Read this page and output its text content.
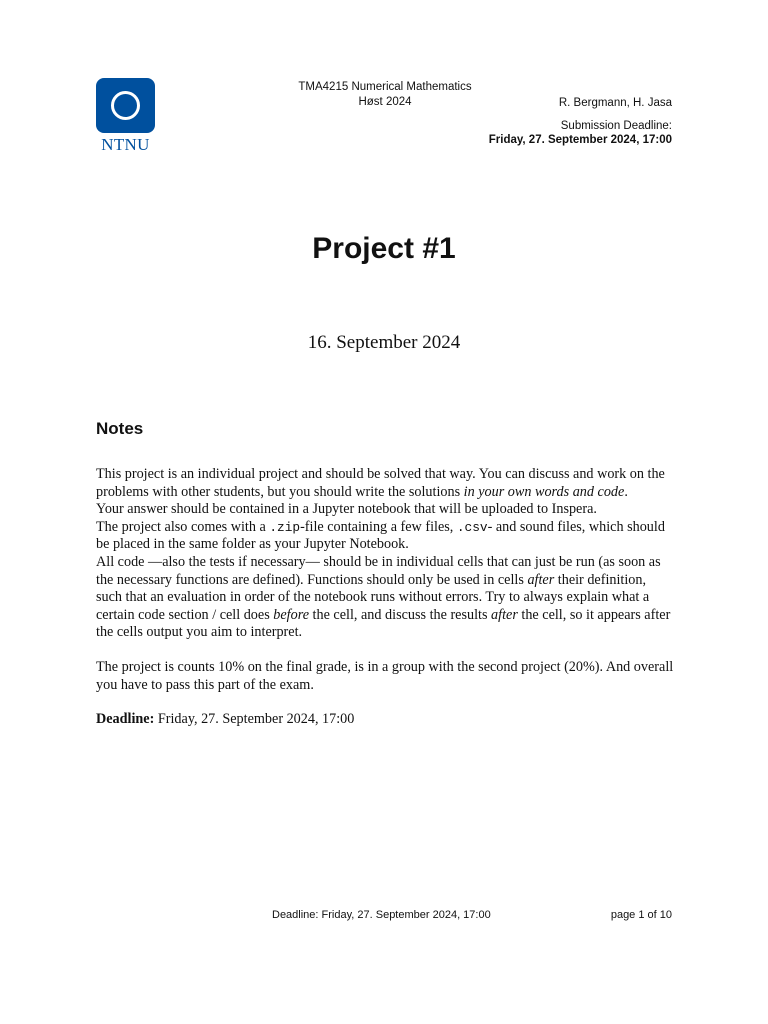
NTNU
TMA4215 Numerical Mathematics
Høst 2024	R. Bergmann, H. Jasa
Submission Deadline:
Friday, 27. September 2024, 17:00
Project #1
16. September 2024
Notes

This project is an individual project and should be solved that way. You can discuss and work on the problems with other students, but you should write the solutions in your own words and code.

Your answer should be contained in a Jupyter notebook that will be uploaded to Inspera.

The project also comes with a .zip-file containing a few files, .csv- and sound files, which should be placed in the same folder as your Jupyter Notebook.

All code —also the tests if necessary— should be in individual cells that can just be run (as soon as the necessary functions are defined). Functions should only be used in cells after their definition, such that an evaluation in order of the notebook runs without errors. Try to always explain what a certain code section / cell does before the cell, and discuss the results after the cell, so it appears after the cells output you aim to interpret.

The project is counts 10% on the final grade, is in a group with the second project (20%). And overall you have to pass this part of the exam.

Deadline: Friday, 27. September 2024, 17:00

Deadline: Friday, 27. September 2024, 17:00	page 1 of 10
